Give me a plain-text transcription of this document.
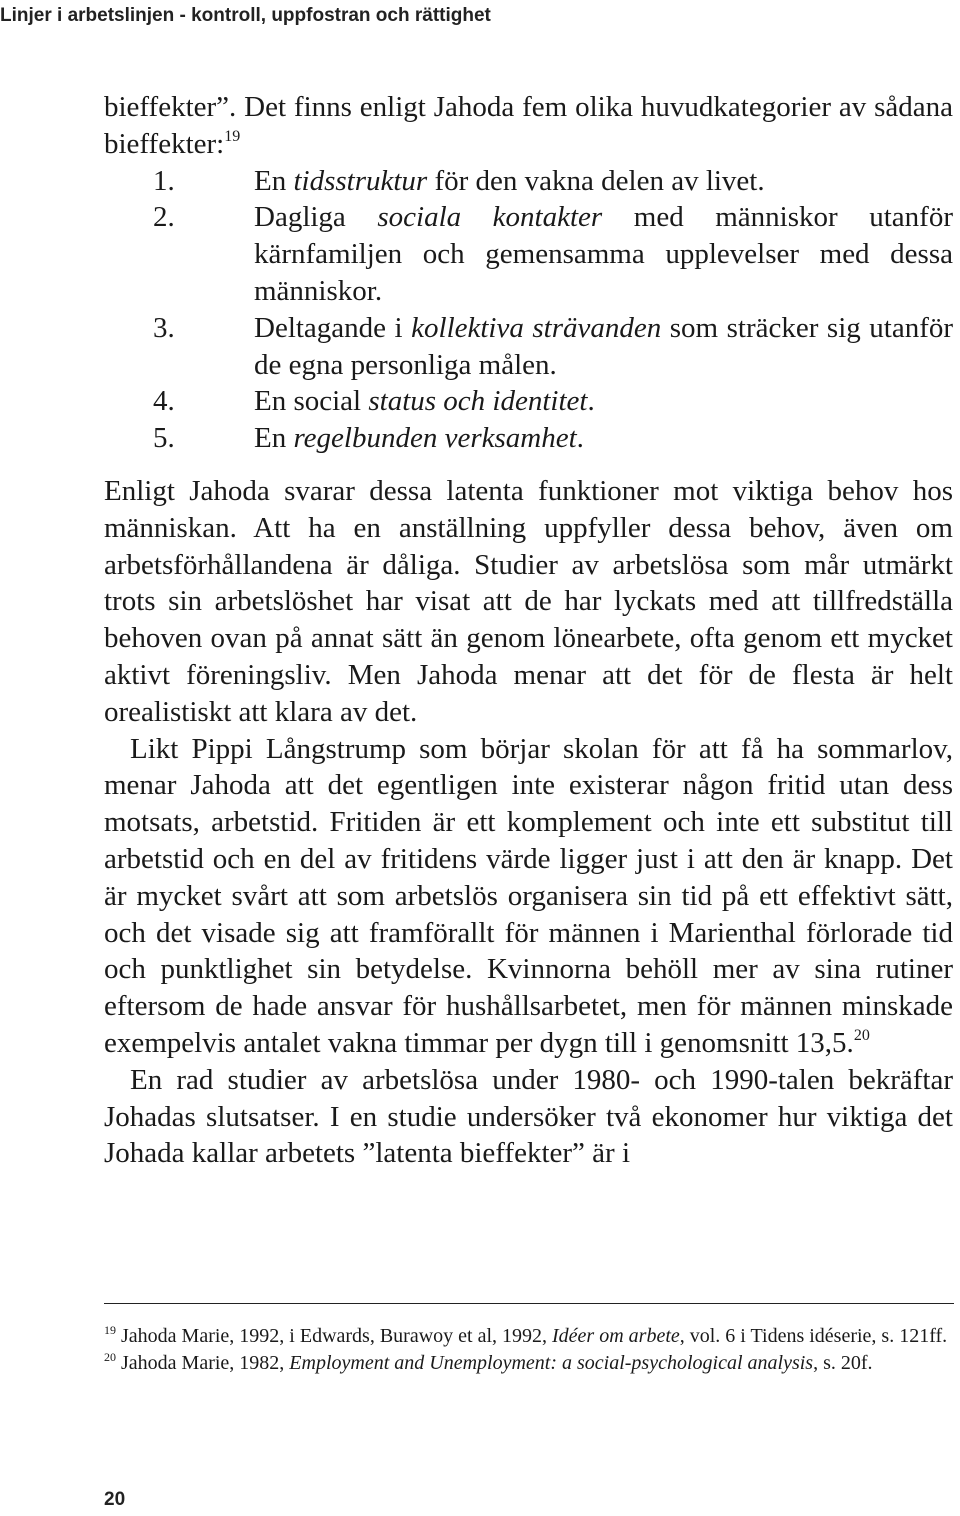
Linjer i arbetslinjen - kontroll, uppfostran och rättighet

bieffekter”. Det finns enligt Jahoda fem olika huvudkategorier av sådana bieffekter:$^{19}$

1.	En tidsstruktur för den vakna delen av livet.
2.	Dagliga sociala kontakter med människor utanför kärnfamiljen och gemensamma upplevelser med dessa människor.
3.	Deltagande i kollektiva strävanden som sträcker sig utanför de egna personliga målen.
4.	En social status och identitet.
5.	En regelbunden verksamhet.

Enligt Jahoda svarar dessa latenta funktioner mot viktiga behov hos människan. Att ha en anställning uppfyller dessa behov, även om arbetsförhållandena är dåliga. Studier av arbetslösa som mår utmärkt trots sin arbetslöshet har visat att de har lyckats med att tillfredställa behoven ovan på annat sätt än genom lönearbete, ofta genom ett mycket aktivt föreningsliv. Men Jahoda menar att det för de flesta är helt orealistiskt att klara av det.

Likt Pippi Långstrump som börjar skolan för att få ha sommarlov, menar Jahoda att det egentligen inte existerar någon fritid utan dess motsats, arbetstid. Fritiden är ett komplement och inte ett substitut till arbetstid och en del av fritidens värde ligger just i att den är knapp. Det är mycket svårt att som arbetslös organisera sin tid på ett effektivt sätt, och det visade sig att framförallt för männen i Marienthal förlorade tid och punktlighet sin betydelse. Kvinnorna behöll mer av sina rutiner eftersom de hade ansvar för hushållsarbetet, men för männen minskade exempelvis antalet vakna timmar per dygn till i genomsnitt 13,5.20

En rad studier av arbetslösa under 1980- och 1990-talen bekräftar Johadas slutsatser. I en studie undersöker två ekonomer hur viktiga det Johada kallar arbetets ”latenta bieffekter” är i

$^{19}$ Jahoda Marie, 1992, i Edwards, Burawoy et al, 1992, Idéer om arbete, vol. 6 i Tidens idéserie, s. 121ff.

$^{20}$ Jahoda Marie, 1982, Employment and Unemployment: a social-psychological analysis, s. 20f.

20
